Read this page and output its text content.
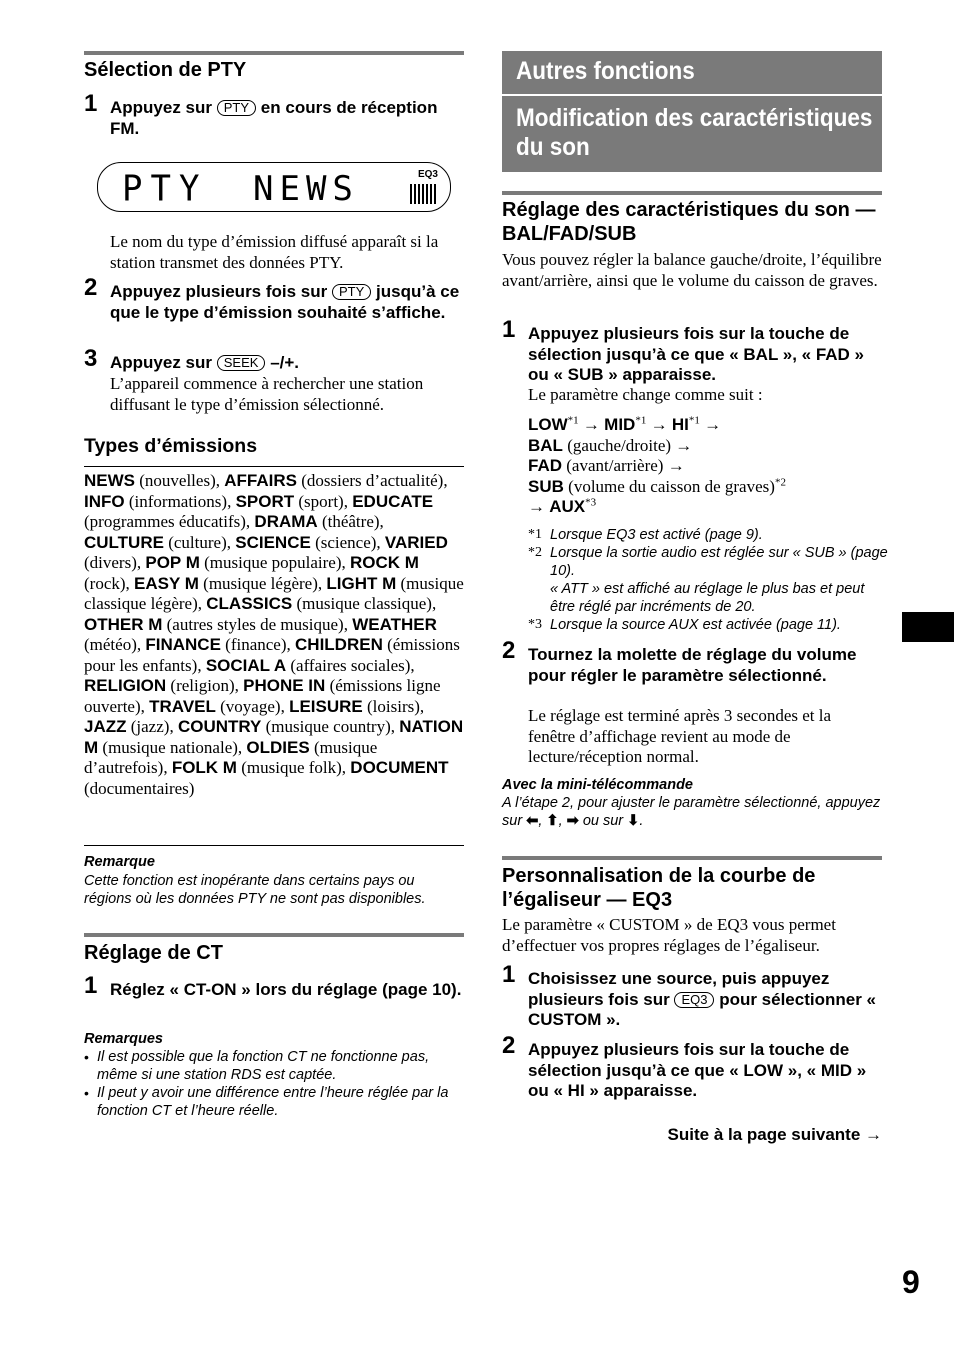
Sélection de PTY
1 Appuyez sur PTY en cours de réception FM.
PTY NEWS	EQ3
Le nom du type d’émission diffusé apparaît si la station transmet des données PTY.
2 Appuyez plusieurs fois sur PTY jusqu’à ce que le type d’émission souhaité s’affiche.
3 Appuyez sur SEEK –/+.
L’appareil commence à rechercher une station diffusant le type d’émission sélectionné.
Types d’émissions
NEWS (nouvelles), AFFAIRS (dossiers d’actualité), INFO (informations), SPORT (sport), EDUCATE (programmes éducatifs), DRAMA (théâtre), CULTURE (culture), SCIENCE (science), VARIED (divers), POP M (musique populaire), ROCK M (rock), EASY M (musique légère), LIGHT M (musique classique légère), CLASSICS (musique classique), OTHER M (autres styles de musique), WEATHER (météo), FINANCE (finance), CHILDREN (émissions pour les enfants), SOCIAL A (affaires sociales), RELIGION (religion), PHONE IN (émissions ligne ouverte), TRAVEL (voyage), LEISURE (loisirs), JAZZ (jazz), COUNTRY (musique country), NATION M (musique nationale), OLDIES (musique d’autrefois), FOLK M (musique folk), DOCUMENT (documentaires)
Remarque
Cette fonction est inopérante dans certains pays ou régions où les données PTY ne sont pas disponibles.
Réglage de CT
1 Réglez « CT-ON » lors du réglage (page 10).
Remarques
• Il est possible que la fonction CT ne fonctionne pas, même si une station RDS est captée.
• Il peut y avoir une différence entre l’heure réglée par la fonction CT et l’heure réelle.
Autres fonctions
Modification des caractéristiques du son
Réglage des caractéristiques du son — BAL/FAD/SUB
Vous pouvez régler la balance gauche/droite, l’équilibre avant/arrière, ainsi que le volume du caisson de graves.
1 Appuyez plusieurs fois sur la touche de sélection jusqu’à ce que « BAL », « FAD » ou « SUB » apparaisse.
Le paramètre change comme suit :
$LOW^{*1} \to MID^{*1} \to HI^{*1}$ →
BAL (gauche/droite) →
FAD (avant/arrière) →
SUB (volume du caisson de graves)$^{*2}$
→ $AUX^{*3}$
*1 Lorsque EQ3 est activé (page 9).
*2 Lorsque la sortie audio est réglée sur « SUB » (page 10).
« ATT » est affiché au réglage le plus bas et peut être réglé par incréments de 20.
*3 Lorsque la source AUX est activée (page 11).
2 Tournez la molette de réglage du volume pour régler le paramètre sélectionné.
Le réglage est terminé après 3 secondes et la fenêtre d’affichage revient au mode de lecture/réception normal.
Avec la mini-télécommande
A l’étape 2, pour ajuster le paramètre sélectionné, appuyez sur ⬅, ⬆, ➡ ou sur ⬇.
Personnalisation de la courbe de l’égaliseur — EQ3
Le paramètre « CUSTOM » de EQ3 vous permet d’effectuer vos propres réglages de l’égaliseur.
1 Choisissez une source, puis appuyez plusieurs fois sur EQ3 pour sélectionner « CUSTOM ».
2 Appuyez plusieurs fois sur la touche de sélection jusqu’à ce que « LOW », « MID » ou « HI » apparaisse.
Suite à la page suivante →
9
